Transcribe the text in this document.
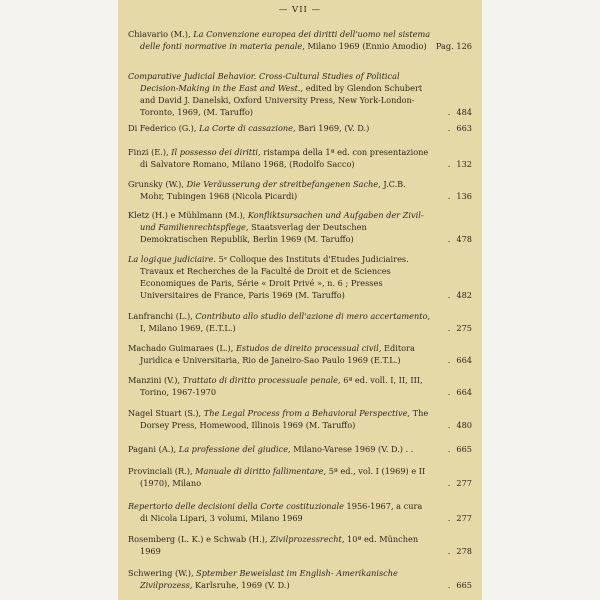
— VII —

Chiavario (M.), La Convenzione europea dei diritti dell'uomo nel sistema delle fonti normative in materia penale, Milano 1969 (Ennio Amodio)	Pag. 126

Comparative Judicial Behavior. Cross-Cultural Studies of Political Decision-Making in the East and West., edited by Glendon Schubert and David J. Danelski, Oxford University Press, New York-London-Toronto, 1969, (M. Taruffo)	. 484

Di Federico (G.), La Corte di cassazione, Bari 1969, (V. D.)	. 663

Finzi (E.), Il possesso dei diritti, ristampa della 1ª ed. con presentazione di Salvatore Romano, Milano 1968, (Rodolfo Sacco)	. 132

Grunsky (W.), Die Veräusserung der streitbefangenen Sache, J.C.B. Mohr, Tubingen 1968 (Nicola Picardi)	. 136

Kletz (H.) e Mühlmann (M.), Konfliktsursachen und Aufgaben der Zivil- und Familienrechtspflege, Staatsverlag der Deutschen Demokratischen Republik, Berlin 1969 (M. Taruffo)	. 478

La logique judiciaire. 5ᵉ Colloque des Instituts d'Etudes Judiciaires. Travaux et Recherches de la Faculté de Droit et de Sciences Economiques de Paris, Série « Droit Privé », n. 6 ; Presses Universitaires de France, Paris 1969 (M. Taruffo)	. 482

Lanfranchi (L.), Contributo allo studio dell'azione di mero accertamento, I, Milano 1969, (E.T.L.)	. 275

Machado Guimaraes (L.), Estudos de direito processual civil, Editora Juridica e Universitaria, Rio de Janeiro-Sao Paulo 1969 (E.T.L.)	. 664

Manzini (V.), Trattato di diritto processuale penale, 6ª ed. voll. I, II, III, Torino, 1967-1970	. 664

Nagel Stuart (S.), The Legal Process from a Behavioral Perspective, The Dorsey Press, Homewood, Illinois 1969 (M. Taruffo)	. 480

Pagani (A.), La professione del giudice, Milano-Varese 1969 (V. D.) . .	. 665

Provinciali (R.), Manuale di diritto fallimentare, 5ª ed., vol. I (1969) e II (1970), Milano	. 277

Repertorio delle decisioni della Corte costituzionale 1956-1967, a cura di Nicola Lipari, 3 volumi, Milano 1969	. 277

Rosemberg (L. K.) e Schwab (H.), Zivilprozessrecht, 10ª ed. München 1969	. 278

Schwering (W.), Sptember Beweislast im English- Amerikanische Zivilprozess, Karlsruhe, 1969 (V. D.)	. 665
